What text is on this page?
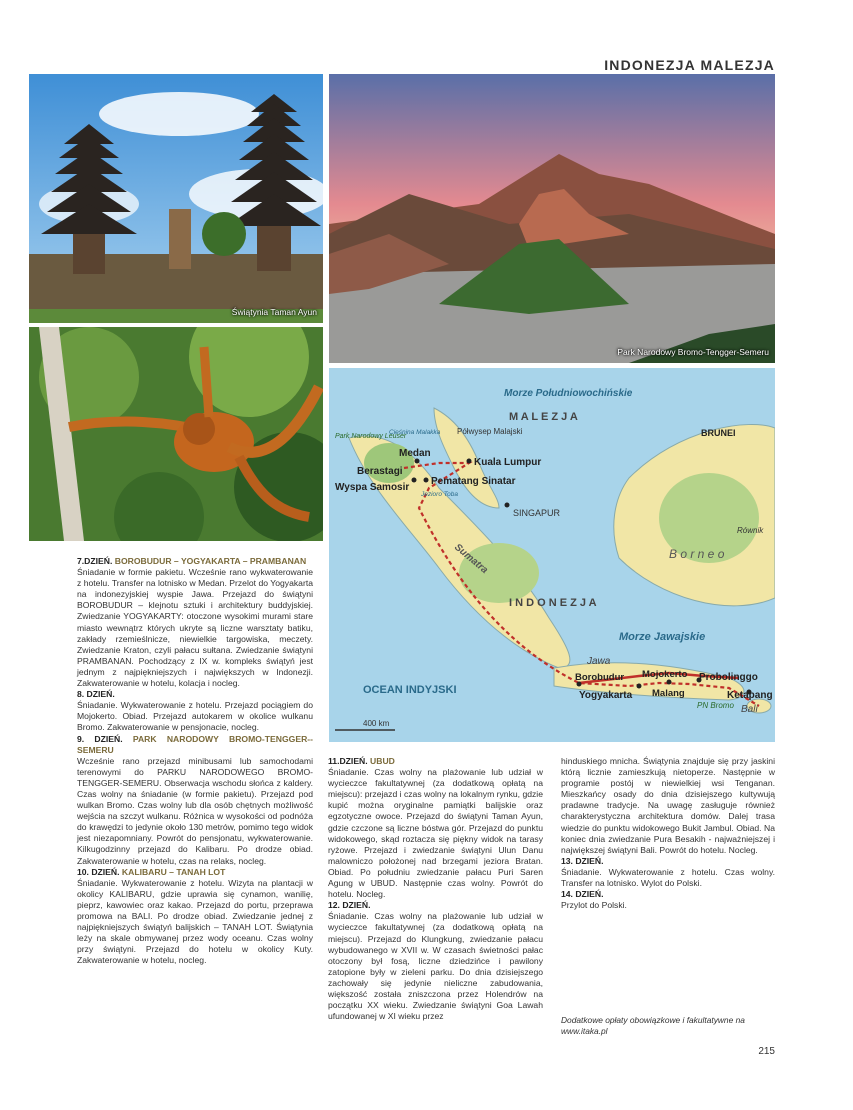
INDONEZJA MALEZJA
Świątynia Taman Ayun
Park Narodowy Bromo-Tengger-Semeru
Morze Południowochińskie
M A L E Z J A
Cieśnina Malakka Półwysep Malajski
Park Narodowy Leuser
Medan
Kuala Lumpur
Berastagi
Pematang Sinatar
Wyspa Samosir
Jezioro Toba
SINGAPUR
Sumatra
BRUNEI
Równik
B o r n e o
I N D O N E Z J A
Morze Jawajskie
Jawa
OCEAN INDYJSKI
Borobudur
Yogyakarta
Mojokerto
Malang
Probolinggo
Ketapang
Bali
PN Bromo
400 km

7.DZIEŃ. BOROBUDUR – YOGYAKARTA – PRAMBANAN

Śniadanie w formie pakietu. Wcześnie rano wykwaterowanie z hotelu. Transfer na lotnisko w Medan. Przelot do Yogyakarta na indonezyjskiej wyspie Jawa. Przejazd do świątyni BOROBUDUR – klejnotu sztuki i architektury buddyjskiej. Zwiedzanie YOGYAKARTY: otoczone wysokimi murami stare miasto wewnątrz których ukryte są liczne warsztaty batiku, zakłady rzemieślnicze, niewielkie targowiska, meczety. Zwiedzanie Kraton, czyli pałacu sułtana. Zwiedzanie świątyni PRAMBANAN. Pochodzący z IX w. kompleks świątyń jest jednym z najpiękniejszych i największych w Indonezji. Zakwaterowanie w hotelu, kolacja i nocleg.

8. DZIEŃ.

Śniadanie. Wykwaterowanie z hotelu. Przejazd pociągiem do Mojokerto. Obiad. Przejazd autokarem w okolice wulkanu Bromo. Zakwaterowanie w pensjonacie, nocleg.

9. DZIEŃ. PARK NARODOWY BROMO-TENGGER--SEMERU

Wcześnie rano przejazd minibusami lub samochodami terenowymi do PARKU NARODOWEGO BROMO-TENGGER-SEMERU. Obserwacja wschodu słońca z kaldery. Czas wolny na śniadanie (w formie pakietu). Przejazd pod wulkan Bromo. Czas wolny lub dla osób chętnych możliwość wejścia na szczyt wulkanu. Różnica w wysokości od podnóża do krawędzi to jedynie około 130 metrów, pomimo tego widok jest niezapomniany. Powrót do pensjonatu, wykwaterowanie. Kilkugodzinny przejazd do Kalibaru. Po drodze obiad. Zakwaterowanie w hotelu, czas na relaks, nocleg.

10. DZIEŃ. KALIBARU – TANAH LOT

Śniadanie. Wykwaterowanie z hotelu. Wizyta na plantacji w okolicy KALIBARU, gdzie uprawia się cynamon, wanilię, pieprz, kawowiec oraz kakao. Przejazd do portu, przeprawa promowa na BALI. Po drodze obiad. Zwiedzanie jednej z najpiękniejszych świątyń balijskich – TANAH LOT. Świątynia leży na skale obmywanej przez wody oceanu. Czas wolny przy świątyni. Przejazd do hotelu w okolicy Kuty. Zakwaterowanie w hotelu, nocleg.

11.DZIEŃ. UBUD

Śniadanie. Czas wolny na plażowanie lub udział w wycieczce fakultatywnej (za dodatkową opłatą na miejscu): przejazd i czas wolny na lokalnym rynku, gdzie kupić można oryginalne pamiątki balijskie oraz egzotyczne owoce. Przejazd do świątyni Taman Ayun, gdzie czczone są liczne bóstwa gór. Przejazd do punktu widokowego, skąd roztacza się piękny widok na tarasy ryżowe. Przejazd i zwiedzanie świątyni Ulun Danu malowniczo położonej nad brzegami jeziora Bratan. Obiad. Po południu zwiedzanie pałacu Puri Saren Agung w UBUD. Następnie czas wolny. Powrót do hotelu. Nocleg.

12. DZIEŃ.

Śniadanie. Czas wolny na plażowanie lub udział w wycieczce fakultatywnej (za dodatkową opłatą na miejscu). Przejazd do Klungkung, zwiedzanie pałacu wybudowanego w XVII w. W czasach świetności pałac otoczony był fosą, liczne dziedzińce i pawilony zatopione były w zieleni parku. Do dnia dzisiejszego zachowały się jedynie nieliczne zabudowania, większość została zniszczona przez Holendrów na początku XX wieku. Zwiedzanie świątyni Goa Lawah ufundowanej w XI wieku przez

hinduskiego mnicha. Świątynia znajduje się przy jaskini którą licznie zamieszkują nietoperze. Następnie w programie postój w niewielkiej wsi Tenganan. Mieszkańcy osady do dnia dzisiejszego kultywują pradawne tradycje. Na uwagę zasługuje również charakterystyczna architektura domów. Dalej trasa wiedzie do punktu widokowego Bukit Jambul. Obiad. Na koniec dnia zwiedzanie Pura Besakih - najważniejszej i największej świątyni Bali. Powrót do hotelu. Nocleg.

13. DZIEŃ.

Śniadanie. Wykwaterowanie z hotelu. Czas wolny. Transfer na lotnisko. Wylot do Polski.

14. DZIEŃ.

Przylot do Polski.

Dodatkowe opłaty obowiązkowe i fakultatywne na
www.itaka.pl
215
